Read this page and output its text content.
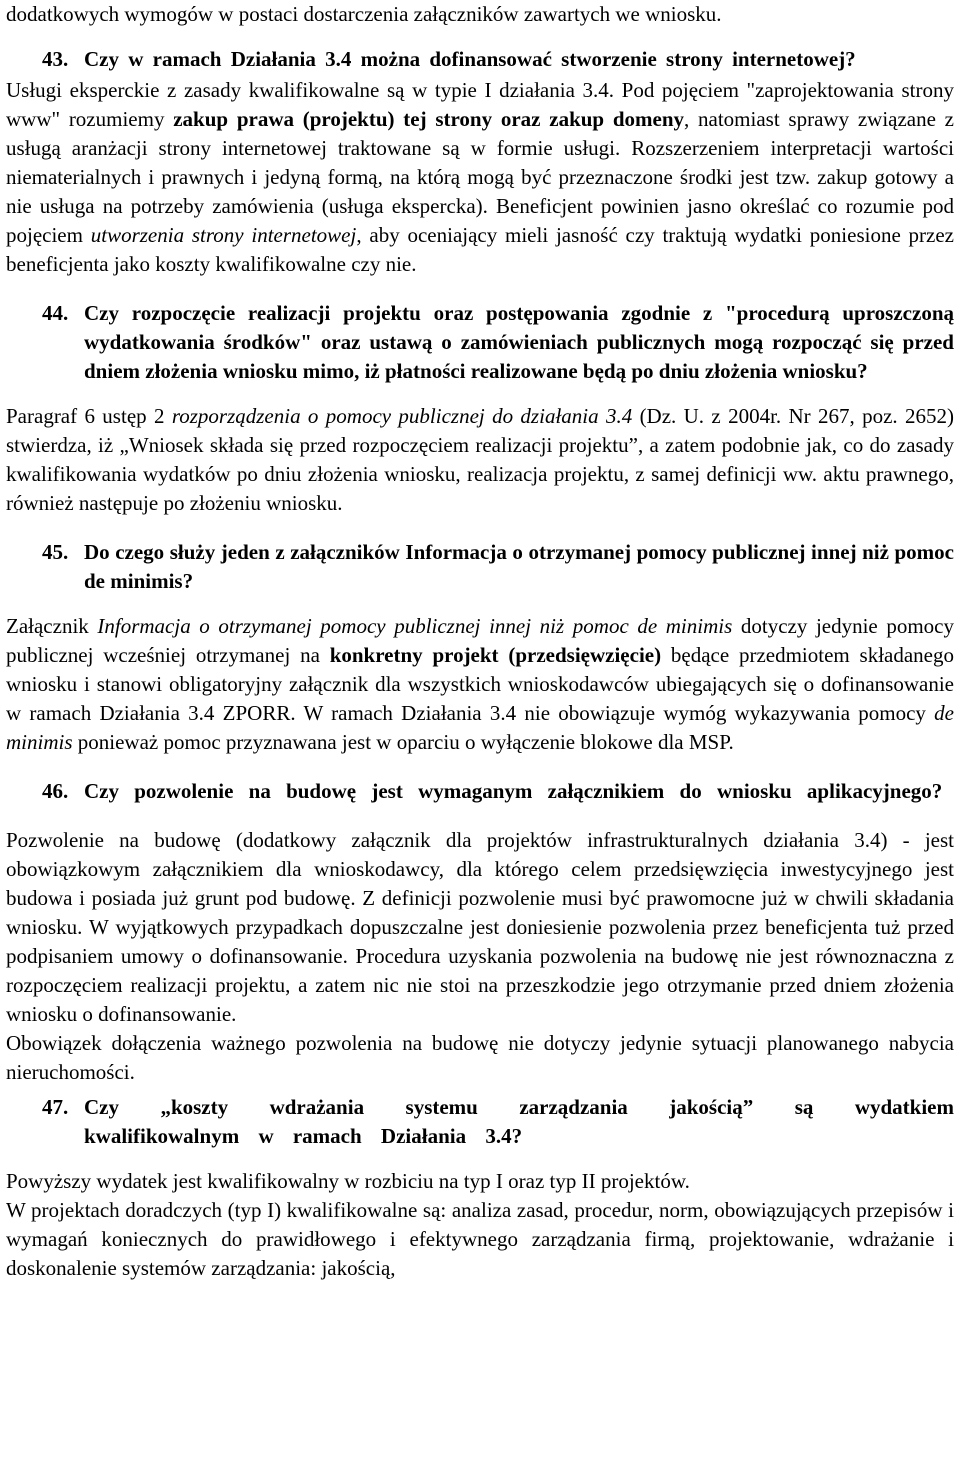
dodatkowych wymogów w postaci dostarczenia załączników zawartych we wniosku.

43. Czy w ramach Działania 3.4 można dofinansować stworzenie strony internetowej?

Usługi eksperckie z zasady kwalifikowalne są w typie I działania 3.4. Pod pojęciem "zaprojektowania strony www" rozumiemy zakup prawa (projektu) tej strony oraz zakup domeny, natomiast sprawy związane z usługą aranżacji strony internetowej traktowane są w formie usługi. Rozszerzeniem interpretacji wartości niematerialnych i prawnych i jedyną formą, na którą mogą być przeznaczone środki jest tzw. zakup gotowy a nie usługa na potrzeby zamówienia (usługa ekspercka). Beneficjent powinien jasno określać co rozumie pod pojęciem utworzenia strony internetowej, aby oceniający mieli jasność czy traktują wydatki poniesione przez beneficjenta jako koszty kwalifikowalne czy nie.

44. Czy rozpoczęcie realizacji projektu oraz postępowania zgodnie z "procedurą uproszczoną wydatkowania środków" oraz ustawą o zamówieniach publicznych mogą rozpocząć się przed dniem złożenia wniosku mimo, iż płatności realizowane będą po dniu złożenia wniosku?

Paragraf 6 ustęp 2 rozporządzenia o pomocy publicznej do działania 3.4 (Dz. U. z 2004r. Nr 267, poz. 2652) stwierdza, iż „Wniosek składa się przed rozpoczęciem realizacji projektu”, a zatem podobnie jak, co do zasady kwalifikowania wydatków po dniu złożenia wniosku, realizacja projektu, z samej definicji ww. aktu prawnego, również następuje po złożeniu wniosku.

45. Do czego służy jeden z załączników Informacja o otrzymanej pomocy publicznej innej niż pomoc de minimis?

Załącznik Informacja o otrzymanej pomocy publicznej innej niż pomoc de minimis dotyczy jedynie pomocy publicznej wcześniej otrzymanej na konkretny projekt (przedsięwzięcie) będące przedmiotem składanego wniosku i stanowi obligatoryjny załącznik dla wszystkich wnioskodawców ubiegających się o dofinansowanie w ramach Działania 3.4 ZPORR. W ramach Działania 3.4 nie obowiązuje wymóg wykazywania pomocy de minimis ponieważ pomoc przyznawana jest w oparciu o wyłączenie blokowe dla MSP.

46. Czy pozwolenie na budowę jest wymaganym załącznikiem do wniosku aplikacyjnego?

Pozwolenie na budowę (dodatkowy załącznik dla projektów infrastrukturalnych działania 3.4) - jest obowiązkowym załącznikiem dla wnioskodawcy, dla którego celem przedsięwzięcia inwestycyjnego jest budowa i posiada już grunt pod budowę. Z definicji pozwolenie musi być prawomocne już w chwili składania wniosku. W wyjątkowych przypadkach dopuszczalne jest doniesienie pozwolenia przez beneficjenta tuż przed podpisaniem umowy o dofinansowanie. Procedura uzyskania pozwolenia na budowę nie jest równoznaczna z rozpoczęciem realizacji projektu, a zatem nic nie stoi na przeszkodzie jego otrzymanie przed dniem złożenia wniosku o dofinansowanie.

Obowiązek dołączenia ważnego pozwolenia na budowę nie dotyczy jedynie sytuacji planowanego nabycia nieruchomości.

47. Czy „koszty wdrażania systemu zarządzania jakością” są wydatkiem kwalifikowalnym w ramach Działania 3.4?

Powyższy wydatek jest kwalifikowalny w rozbiciu na typ I oraz typ II projektów.

W projektach doradczych (typ I) kwalifikowalne są: analiza zasad, procedur, norm, obowiązujących przepisów i wymagań koniecznych do prawidłowego i efektywnego zarządzania firmą, projektowanie, wdrażanie i doskonalenie systemów zarządzania: jakością,
